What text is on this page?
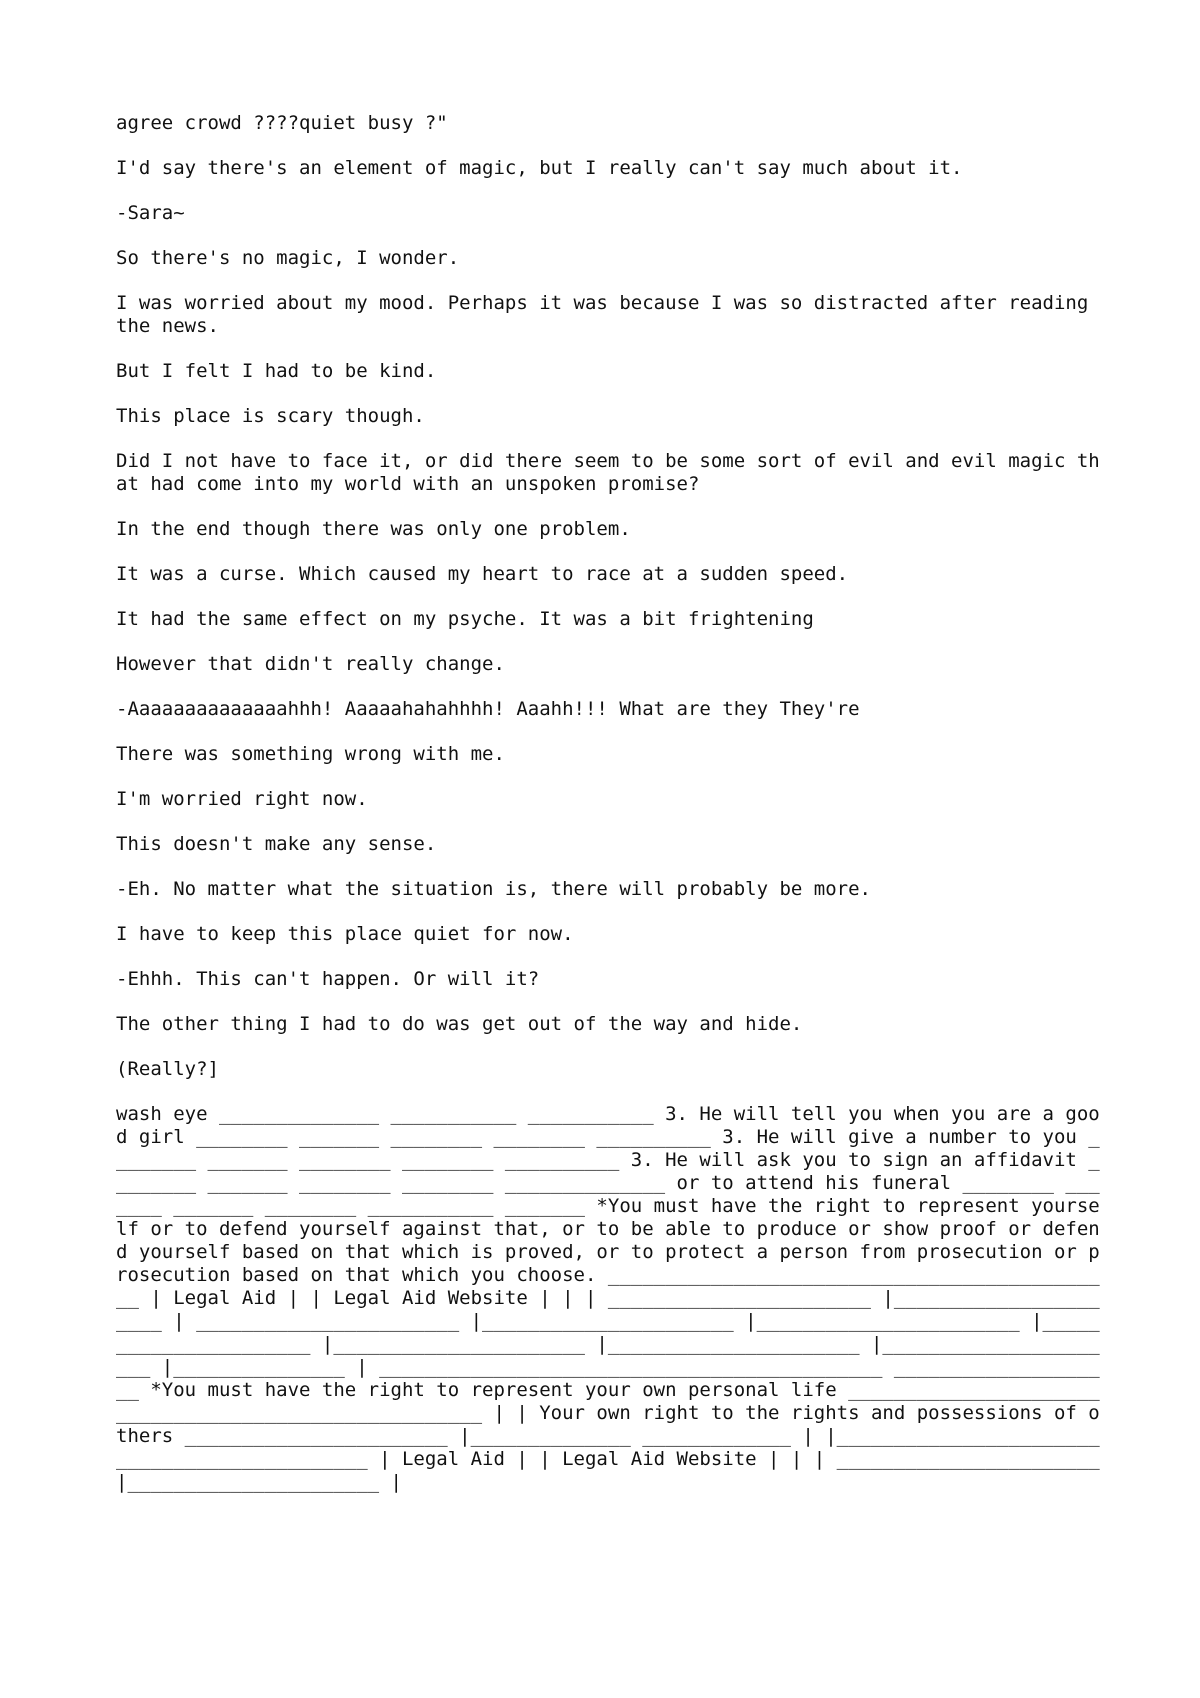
agree crowd ????quiet busy ?"

I'd say there's an element of magic, but I really can't say much about it.

-Sara~

So there's no magic, I wonder.

I was worried about my mood. Perhaps it was because I was so distracted after reading the news.

But I felt I had to be kind.

This place is scary though.

Did I not have to face it, or did there seem to be some sort of evil and evil magic that had come into my world with an unspoken promise?

In the end though there was only one problem.

It was a curse. Which caused my heart to race at a sudden speed.

It had the same effect on my psyche. It was a bit frightening

However that didn't really change.

-Aaaaaaaaaaaaaahhh! Aaaaahahahhhh! Aaahh!!! What are they They're

There was something wrong with me.

I'm worried right now.

This doesn't make any sense.

-Eh. No matter what the situation is, there will probably be more.

I have to keep this place quiet for now.

-Ehhh. This can't happen. Or will it?

The other thing I had to do was get out of the way and hide.

(Really?]

wash eye ______________ ___________ ___________ 3. He will tell you when you are a good girl ________ _______ ________ ________ __________ 3. He will give a number to you ________ _______ ________ ________ __________ 3. He will ask you to sign an affidavit ________ _______ ________ ________ ______________ or to attend his funeral ________ _______ _______ ________ ___________ _______ *You must have the right to represent yourself or to defend yourself against that, or to be able to produce or show proof or defend yourself based on that which is proved, or to protect a person from prosecution or prosecution based on that which you choose. _____________________________________________ | Legal Aid | | Legal Aid Website | | | _______________________ |______________________ | _______________________ |______________________ |_______________________ |______________________ |______________________ |______________________ |______________________ |_______________ | ____________________________________________ ____________________ *You must have the right to represent your own personal life ______________________________________________________ | | Your own right to the rights and possessions of others _______________________ |______________ _____________ | |_____________________________________________ | Legal Aid | | Legal Aid Website | | | _______________________ |______________________ |
